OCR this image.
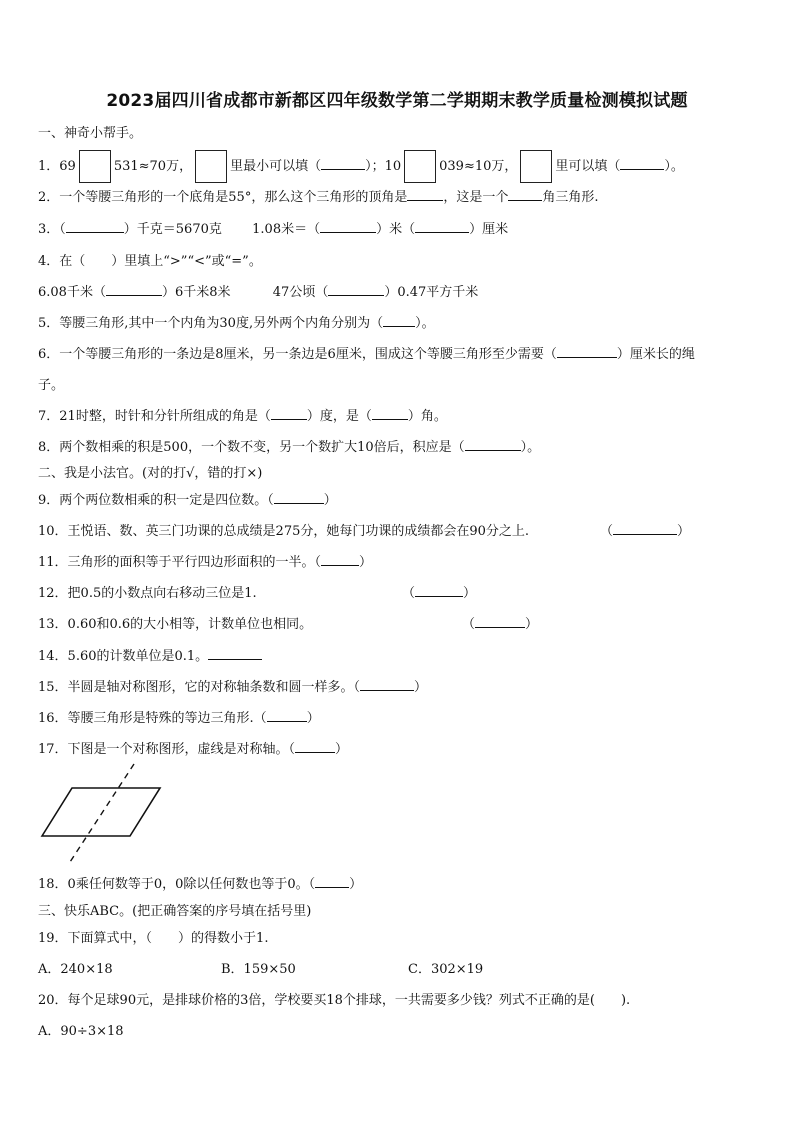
2023届四川省成都市新都区四年级数学第二学期期末教学质量检测模拟试题
一、神奇小帮手。
1．69	531≈70万，	里最小可以填（	）；10	039≈10万，	里可以填（	）。
2．一个等腰三角形的一个底角是55°，那么这个三角形的顶角是	，这是一个	角三角形.
3．（	）千克＝5670克 1.08米＝（	）米（	）厘米
4．在（　　）里填上“>”“<”或“=”。
6.08千米（	）6千米8米	47公顷（	）0.47平方千米
5．等腰三角形,其中一个内角为30度,另外两个内角分别为（ ）。
6．一个等腰三角形的一条边是8厘米，另一条边是6厘米，围成这个等腰三角形至少需要（	）厘米长的绳
子。
7．21时整，时针和分针所组成的角是（	）度，是（	）角。
8．两个数相乘的积是500，一个数不变，另一个数扩大10倍后，积应是（	）。
二、我是小法官。(对的打√，错的打×)
9．两个两位数相乘的积一定是四位数。（	）
10．王悦语、数、英三门功课的总成绩是275分，她每门功课的成绩都会在90分之上.	（	）
11．三角形的面积等于平行四边形面积的一半。（	）
12．把0.5的小数点向右移动三位是1.	（	）
13．0.60和0.6的大小相等，计数单位也相同。	（	）
14．5.60的计数单位是0.1。
15．半圆是轴对称图形，它的对称轴条数和圆一样多。（	）
16．等腰三角形是特殊的等边三角形.（	）
17．下图是一个对称图形，虚线是对称轴。（	）
18．0乘任何数等于0，0除以任何数也等于0。（	）
三、快乐ABC。(把正确答案的序号填在括号里)
19．下面算式中，（　　）的得数小于1.
A．240×18	B．159×50	C．302×19
20．每个足球90元，是排球价格的3倍，学校要买18个排球，一共需要多少钱？列式不正确的是(　　).
A．90÷3×18
